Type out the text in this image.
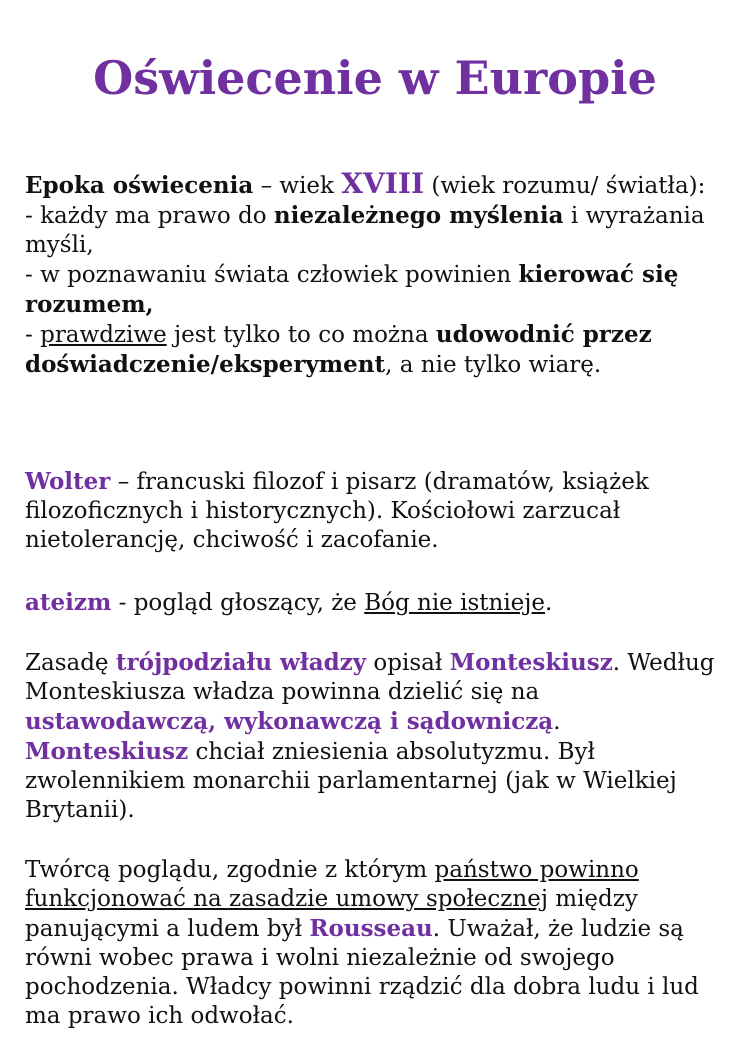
Oświecenie w Europie
Epoka oświecenia – wiek XVIII (wiek rozumu/ światła):
- każdy ma prawo do niezależnego myślenia i wyrażania myśli,
- w poznawaniu świata człowiek powinien kierować się rozumem,
- prawdziwe jest tylko to co można udowodnić przez doświadczenie/eksperyment, a nie tylko wiarę.
Wolter – francuski filozof i pisarz (dramatów, książek filozoficznych i historycznych). Kościołowi zarzucał nietolerancję, chciwość i zacofanie.
ateizm - pogląd głoszący, że Bóg nie istnieje.
Zasadę trójpodziału władzy opisał Monteskiusz. Według Monteskiusza władza powinna dzielić się na ustawodawczą, wykonawczą i sądowniczą. Monteskiusz chciał zniesienia absolutyzmu. Był zwolennikiem monarchii parlamentarnej (jak w Wielkiej Brytanii).
Twórcą poglądu, zgodnie z którym państwo powinno funkcjonować na zasadzie umowy społecznej między panującymi a ludem był Rousseau. Uważał, że ludzie są równi wobec prawa i wolni niezależnie od swojego pochodzenia. Władcy powinni rządzić dla dobra ludu i lud ma prawo ich odwołać.
